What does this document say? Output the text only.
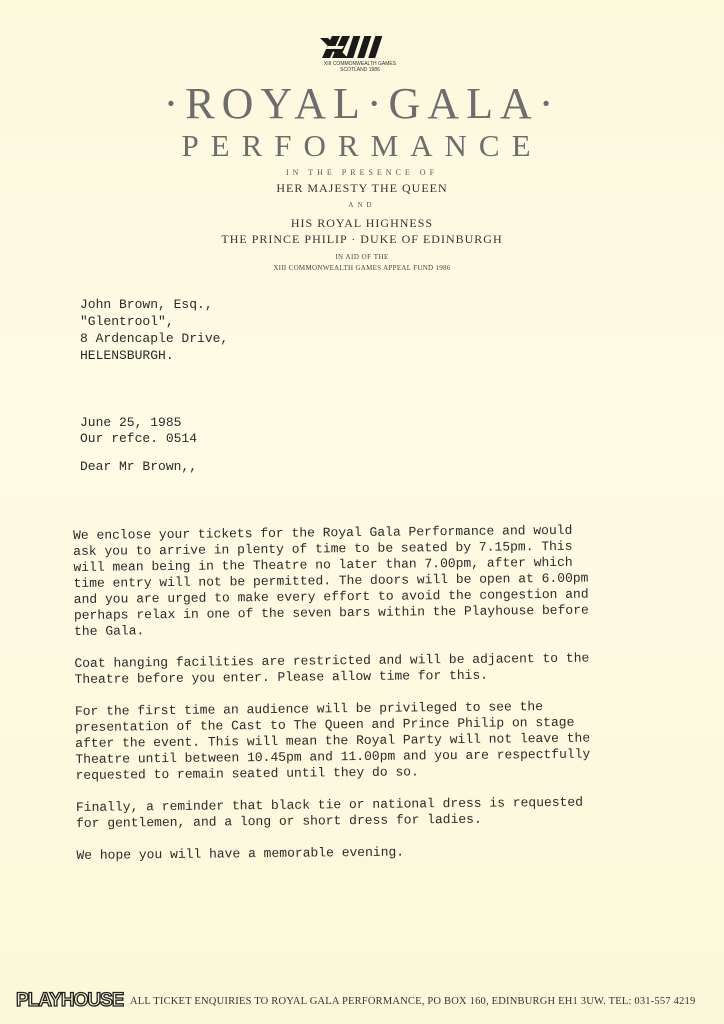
XIII COMMONWEALTH GAMES
SCOTLAND 1986
·ROYAL·GALA·
PERFORMANCE
IN THE PRESENCE OF
HER MAJESTY THE QUEEN
AND
HIS ROYAL HIGHNESS
THE PRINCE PHILIP · DUKE OF EDINBURGH
IN AID OF THE
XIII COMMONWEALTH GAMES APPEAL FUND 1986
John Brown, Esq.,
"Glentrool",
8 Ardencaple Drive,
HELENSBURGH.
June 25, 1985
Our refce. 0514
Dear Mr Brown,,

We enclose your tickets for the Royal Gala Performance and would ask you to arrive in plenty of time to be seated by 7.15pm. This will mean being in the Theatre no later than 7.00pm, after which time entry will not be permitted. The doors will be open at 6.00pm and you are urged to make every effort to avoid the congestion and perhaps relax in one of the seven bars within the Playhouse before the Gala.

Coat hanging facilities are restricted and will be adjacent to the Theatre before you enter. Please allow time for this.

For the first time an audience will be privileged to see the presentation of the Cast to The Queen and Prince Philip on stage after the event. This will mean the Royal Party will not leave the Theatre until between 10.45pm and 11.00pm and you are respectfully requested to remain seated until they do so.

Finally, a reminder that black tie or national dress is requested for gentlemen, and a long or short dress for ladies.

We hope you will have a memorable evening.

PLAYHOUSE ALL TICKET ENQUIRIES TO ROYAL GALA PERFORMANCE, PO BOX 160, EDINBURGH EH1 3UW. TEL: 031-557 4219
